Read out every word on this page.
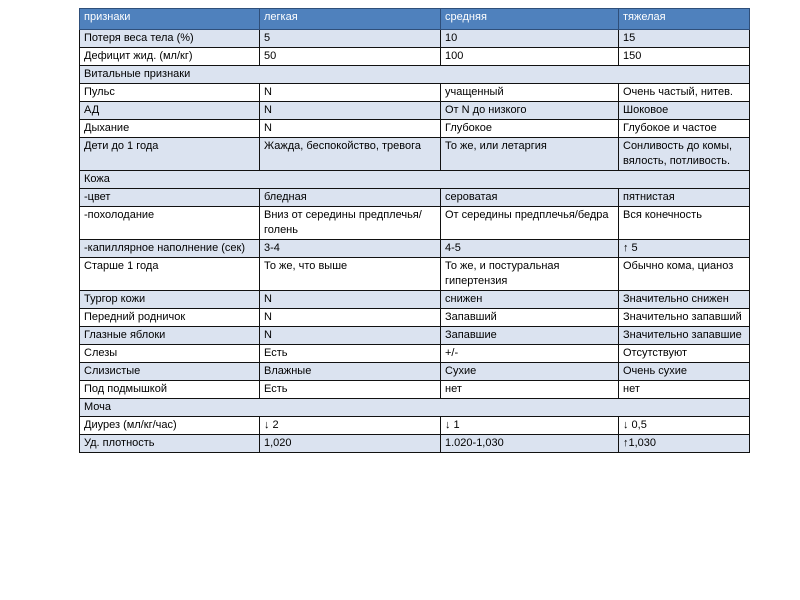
признаки	легкая	средняя	тяжелая
Потеря веса тела (%)	5	10	15
Дефицит жид. (мл/кг)	50	100	150
Витальные признаки			
Пульс	N	учащенный	Очень частый, нитев.
АД	N	От N до низкого	Шоковое
Дыхание	N	Глубокое	Глубокое и частое
Дети до 1 года	Жажда, беспокойство, тревога	То же, или летаргия	Сонливость до комы, вялость, потливость.
Кожа			
-цвет	бледная	сероватая	пятнистая
-похолодание	Вниз от середины предплечья/голень	От середины предплечья/бедра	Вся конечность
-капиллярное наполнение (сек)	3-4	4-5	↑ 5
Старше 1 года	То же, что выше	То же, и постуральная гипертензия	Обычно кома, цианоз
Тургор кожи	N	снижен	Значительно снижен
Передний родничок	N	Запавший	Значительно запавший
Глазные яблоки	N	Запавшие	Значительно запавшие
Слезы	Есть	+/-	Отсутствуют
Слизистые	Влажные	Сухие	Очень сухие
Под подмышкой	Есть	нет	нет
Моча			
Диурез (мл/кг/час)	↓ 2	↓ 1	↓ 0,5
Уд. плотность	1,020	1.020-1,030	↑1,030
